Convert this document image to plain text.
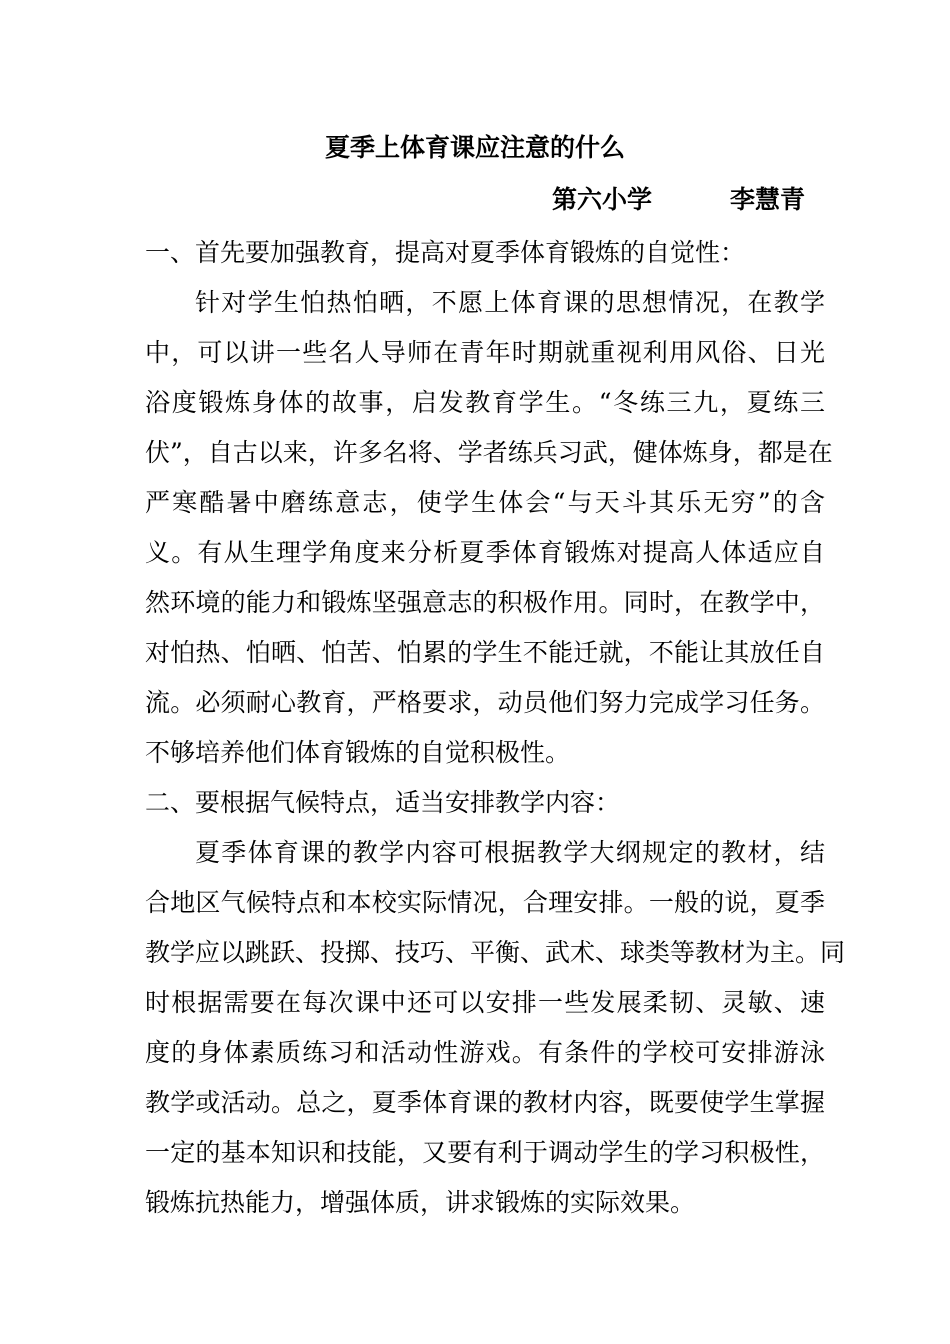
夏季上体育课应注意的什么
第六小学	李慧青
一、首先要加强教育，提高对夏季体育锻炼的自觉性：
针对学生怕热怕晒，不愿上体育课的思想情况，在教学
中，可以讲一些名人导师在青年时期就重视利用风俗、日光
浴度锻炼身体的故事，启发教育学生。“冬练三九，夏练三
伏”，自古以来，许多名将、学者练兵习武，健体炼身，都是在
严寒酷暑中磨练意志，使学生体会“与天斗其乐无穷”的含
义。有从生理学角度来分析夏季体育锻炼对提高人体适应自
然环境的能力和锻炼坚强意志的积极作用。同时，在教学中，
对怕热、怕晒、怕苦、怕累的学生不能迁就，不能让其放任自
流。必须耐心教育，严格要求，动员他们努力完成学习任务。
不够培养他们体育锻炼的自觉积极性。
二、要根据气候特点，适当安排教学内容：
夏季体育课的教学内容可根据教学大纲规定的教材，结
合地区气候特点和本校实际情况，合理安排。一般的说，夏季
教学应以跳跃、投掷、技巧、平衡、武术、球类等教材为主。同
时根据需要在每次课中还可以安排一些发展柔韧、灵敏、速
度的身体素质练习和活动性游戏。有条件的学校可安排游泳
教学或活动。总之，夏季体育课的教材内容，既要使学生掌握
一定的基本知识和技能，又要有利于调动学生的学习积极性，
锻炼抗热能力，增强体质，讲求锻炼的实际效果。
